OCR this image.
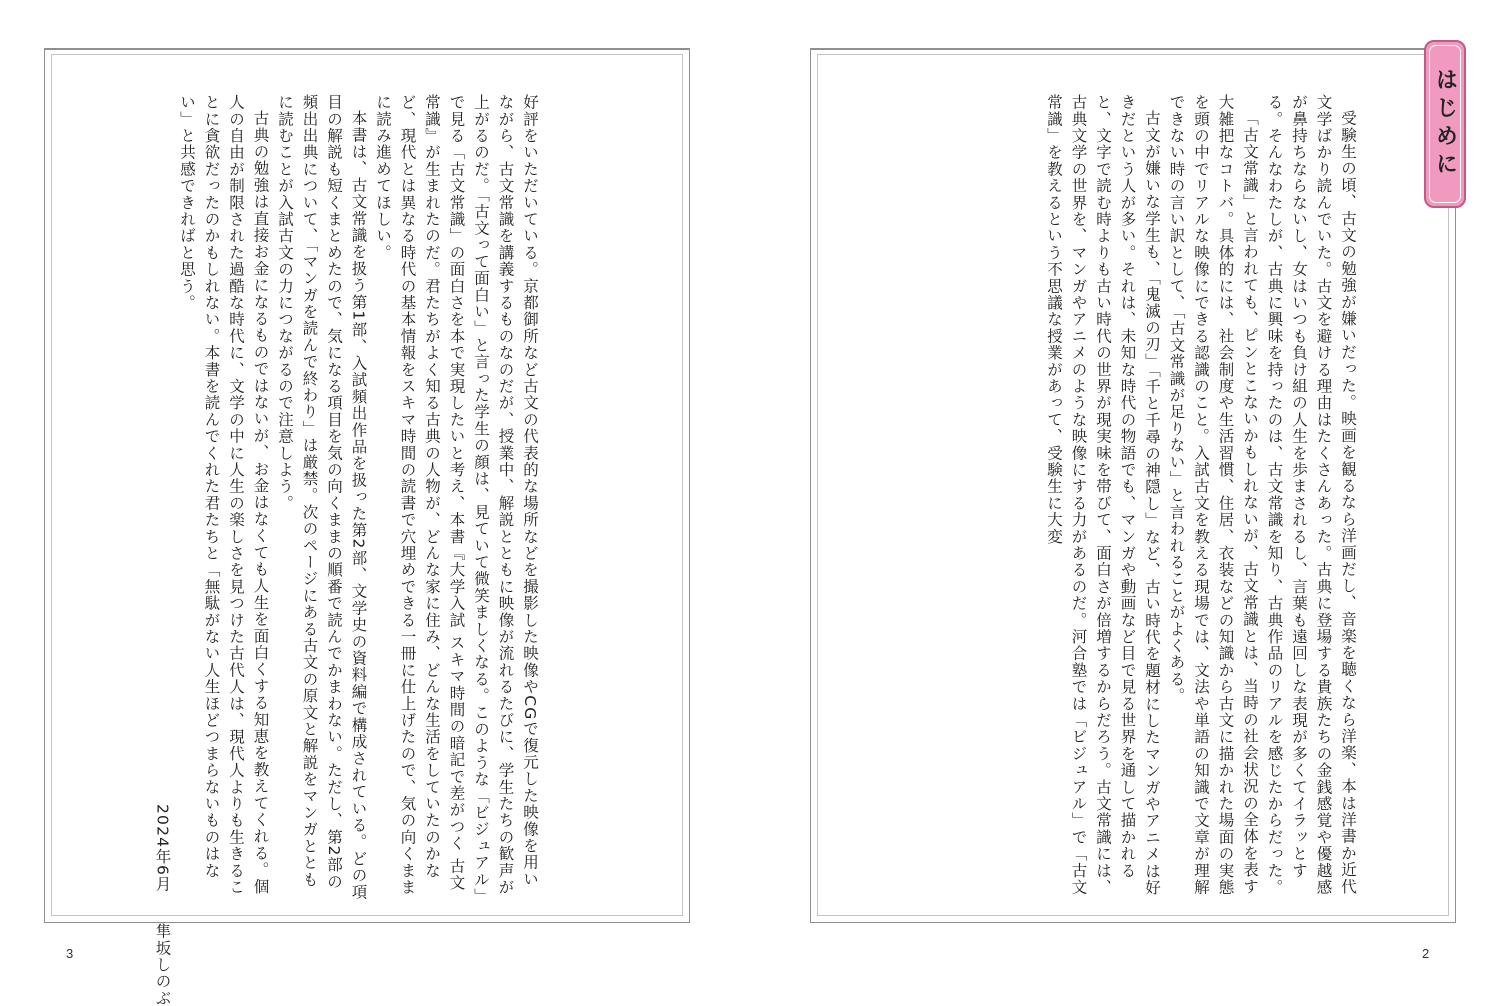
はじめに

受験生の頃、古文の勉強が嫌いだった。映画を観るなら洋画だし、音楽を聴くなら洋楽、本は洋書か近代文学ばかり読んでいた。古文を避ける理由はたくさんあった。古典に登場する貴族たちの金銭感覚や優越感が鼻持ちならないし、女はいつも負け組の人生を歩まされるし、言葉も遠回しな表現が多くてイラッとする。そんなわたしが、古典に興味を持ったのは、古文常識を知り、古典作品のリアルを感じたからだった。

「古文常識」と言われても、ピンとこないかもしれないが、古文常識とは、当時の社会状況の全体を表す大雑把なコトバ。具体的には、社会制度や生活習慣、住居、衣装などの知識から古文に描かれた場面の実態を頭の中でリアルな映像にできる認識のこと。入試古文を教える現場では、文法や単語の知識で文章が理解できない時の言い訳として、「古文常識が足りない」と言われることがよくある。

古文が嫌いな学生も、「鬼滅の刃」「千と千尋の神隠し」など、古い時代を題材にしたマンガやアニメは好きだという人が多い。それは、未知な時代の物語でも、マンガや動画など目で見る世界を通して描かれると、文字で読む時よりも古い時代の世界が現実味を帯びて、面白さが倍増するからだろう。古文常識には、古典文学の世界を、マンガやアニメのような映像にする力があるのだ。河合塾では「ビジュアル」で「古文常識」を教えるという不思議な授業があって、受験生に大変

好評をいただいている。京都御所など古文の代表的な場所などを撮影した映像やCGで復元した映像を用いながら、古文常識を講義するものなのだが、授業中、解説とともに映像が流れるたびに、学生たちの歓声が上がるのだ。「古文って面白い」と言った学生の顔は、見ていて微笑ましくなる。このような「ビジュアル」で見る「古文常識」の面白さを本で実現したいと考え、本書『大学入試 スキマ時間の暗記で差がつく 古文常識』が生まれたのだ。君たちがよく知る古典の人物が、どんな家に住み、どんな生活をしていたのかなど、現代とは異なる時代の基本情報をスキマ時間の読書で穴埋めできる一冊に仕上げたので、気の向くままに読み進めてほしい。

本書は、古文常識を扱う第1部、入試頻出作品を扱った第2部、文学史の資料編で構成されている。どの項目の解説も短くまとめたので、気になる項目を気の向くままの順番で読んでかまわない。ただし、第2部の頻出出典について、「マンガを読んで終わり」は厳禁。次のページにある古文の原文と解説をマンガとともに読むことが入試古文の力につながるので注意しよう。

古典の勉強は直接お金になるものではないが、お金はなくても人生を面白くする知恵を教えてくれる。個人の自由が制限された過酷な時代に、文学の中に人生の楽しさを見つけた古代人は、現代人よりも生きることに貪欲だったのかもしれない。本書を読んでくれた君たちと「無駄がない人生ほどつまらないものはない」と共感できればと思う。

2024年6月隼坂しのぶ

3	2
